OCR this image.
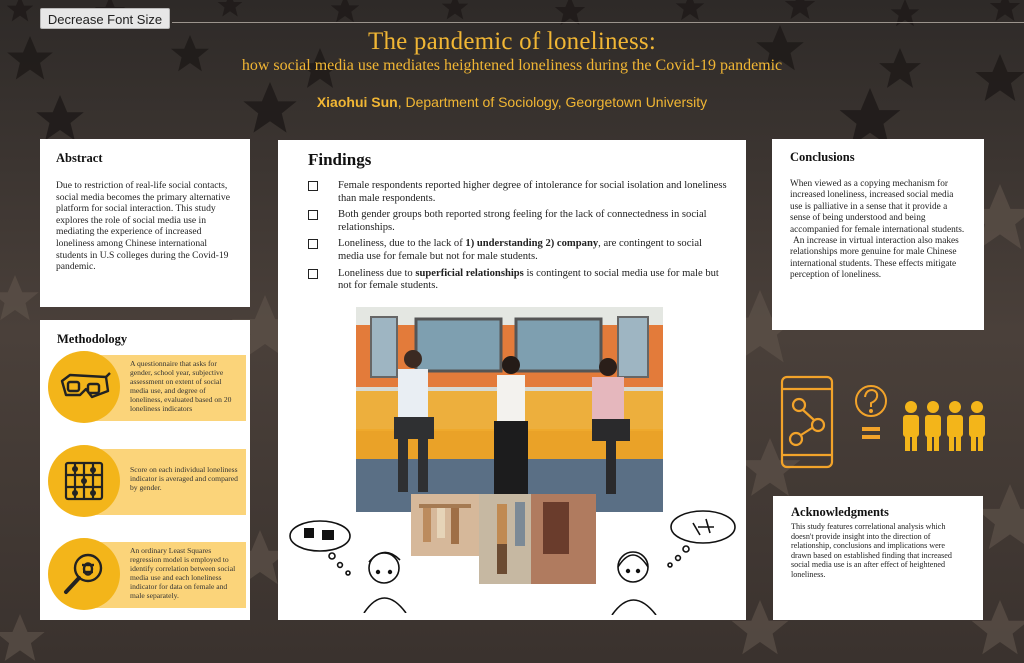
Decrease Font Size
The pandemic of loneliness:
how social media use mediates heightened loneliness during the Covid-19 pandemic
Xiaohui Sun, Department of Sociology, Georgetown University
Abstract
Due to restriction of real-life social contacts, social media becomes the primary alternative platform for social interaction. This study explores the role of social media use in mediating the experience of increased loneliness among Chinese international students in U.S colleges during the Covid-19 pandemic.
Methodology
A questionnaire that asks for gender, school year, subjective assessment on extent of social media use, and degree of loneliness, evaluated based on 20 loneliness indicators
Score on each individual loneliness indicator is averaged and compared by gender.
An ordinary Least Squares regression model is employed to identify correlation between social media use and each loneliness indicator for data on female and male separately.
Findings
Female respondents reported higher degree of intolerance for social isolation and loneliness than male respondents.
Both gender groups both reported strong feeling for the lack of connectedness in social relationships.
Loneliness, due to the lack of 1) understanding 2) company, are contingent to social media use for female but not for male students.
Loneliness due to superficial relationships is contingent to social media use for male but not for female students.
Conclusions
When viewed as a copying mechanism for increased loneliness, increased social media use is palliative in a sense that it provide a sense of being understood and being accompanied for female international students.
An increase in virtual interaction also makes relationships more genuine for male Chinese international students. These effects mitigate perception of loneliness.
Acknowledgments
This study features correlational analysis which doesn't provide insight into the direction of relationship, conclusions and implications were drawn based on established finding that increased social media use is an after effect of heightened loneliness.
